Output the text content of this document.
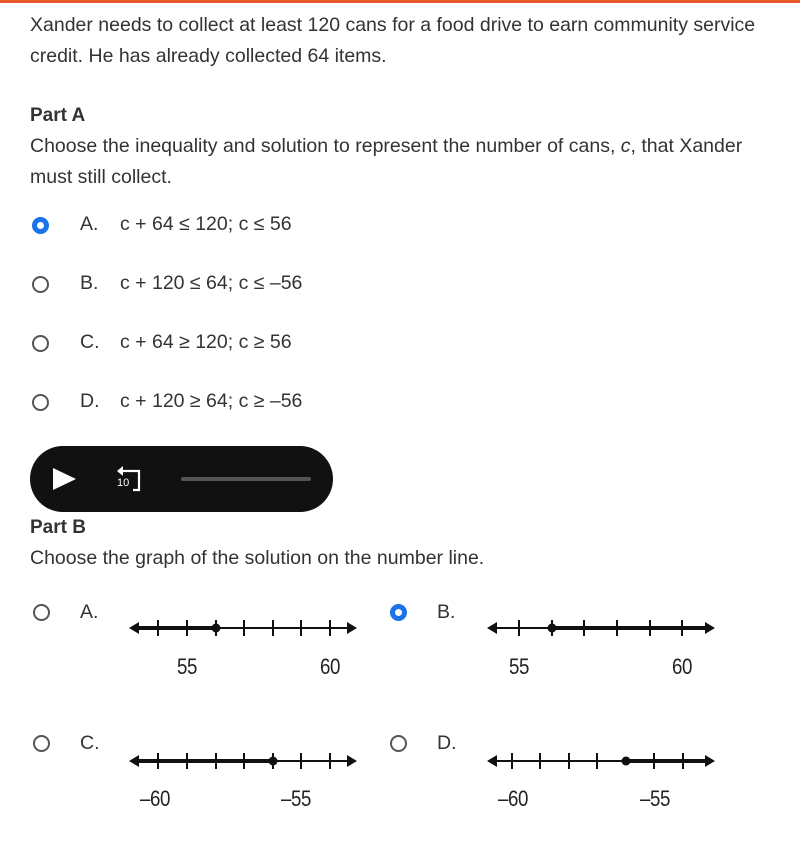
Xander needs to collect at least 120 cans for a food drive to earn community service credit. He has already collected 64 items.
Part A
Choose the inequality and solution to represent the number of cans, c, that Xander must still collect.
A. c + 64 ≤ 120; c ≤ 56
B. c + 120 ≤ 64; c ≤ –56
C. c + 64 ≥ 120; c ≥ 56
D. c + 120 ≥ 64; c ≥ –56
10
Part B
Choose the graph of the solution on the number line.
A.
55	60
B.
55	60
C.
–60	–55
D.
–60	–55
